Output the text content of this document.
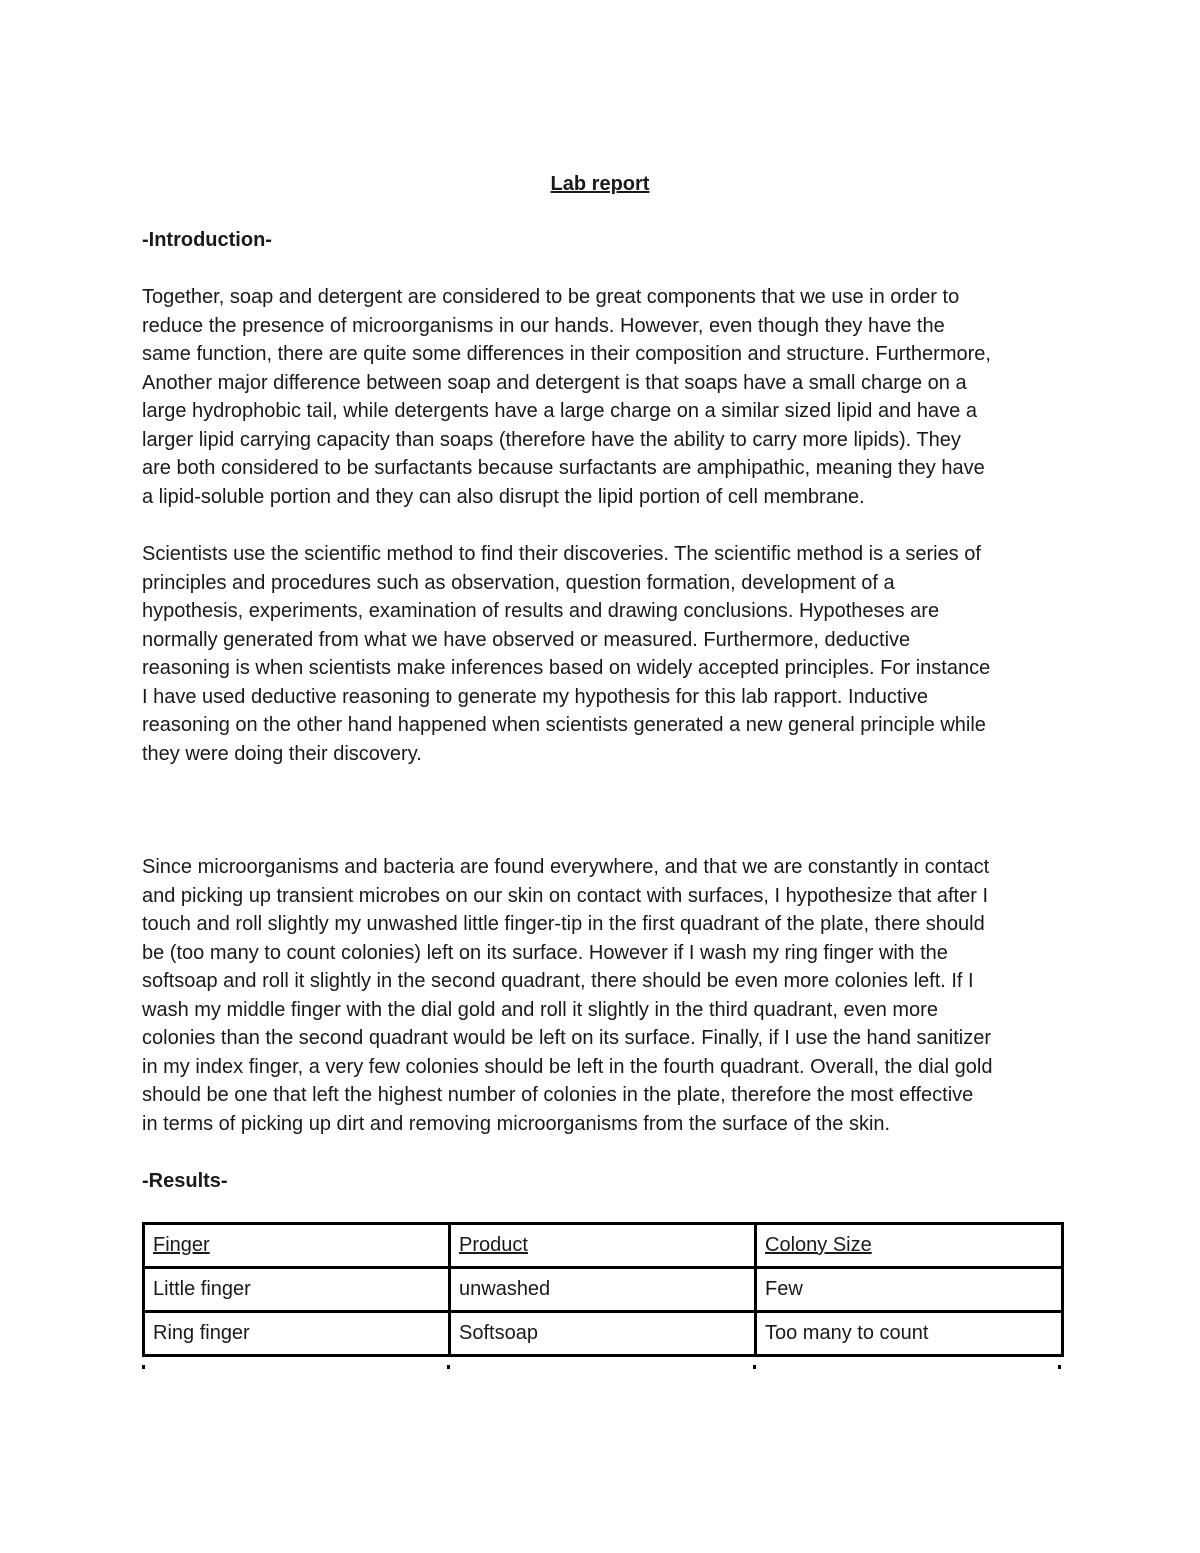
Lab report
-Introduction-
Together, soap and detergent are considered to be great components that we use in order to
reduce the presence of microorganisms in our hands. However, even though they have the
same function, there are quite some differences in their composition and structure. Furthermore,
Another major difference between soap and detergent is that soaps have a small charge on a
large hydrophobic tail, while detergents have a large charge on a similar sized lipid and have a
larger lipid carrying capacity than soaps (therefore have the ability to carry more lipids). They
are both considered to be surfactants because surfactants are amphipathic, meaning they have
a lipid-soluble portion and they can also disrupt the lipid portion of cell membrane.
Scientists use the scientific method to find their discoveries. The scientific method is a series of
principles and procedures such as observation, question formation, development of a
hypothesis, experiments, examination of results and drawing conclusions. Hypotheses are
normally generated from what we have observed or measured. Furthermore, deductive
reasoning is when scientists make inferences based on widely accepted principles. For instance
I have used deductive reasoning to generate my hypothesis for this lab rapport. Inductive
reasoning on the other hand happened when scientists generated a new general principle while
they were doing their discovery.
Since microorganisms and bacteria are found everywhere, and that we are constantly in contact
and picking up transient microbes on our skin on contact with surfaces, I hypothesize that after I
touch and roll slightly my unwashed little finger-tip in the first quadrant of the plate, there should
be (too many to count colonies) left on its surface. However if I wash my ring finger with the
softsoap and roll it slightly in the second quadrant, there should be even more colonies left. If I
wash my middle finger with the dial gold and roll it slightly in the third quadrant, even more
colonies than the second quadrant would be left on its surface. Finally, if I use the hand sanitizer
in my index finger, a very few colonies should be left in the fourth quadrant. Overall, the dial gold
should be one that left the highest number of colonies in the plate, therefore the most effective
in terms of picking up dirt and removing microorganisms from the surface of the skin.
-Results-
Finger	Product	Colony Size
Little finger	unwashed	Few
Ring finger	Softsoap	Too many to count
